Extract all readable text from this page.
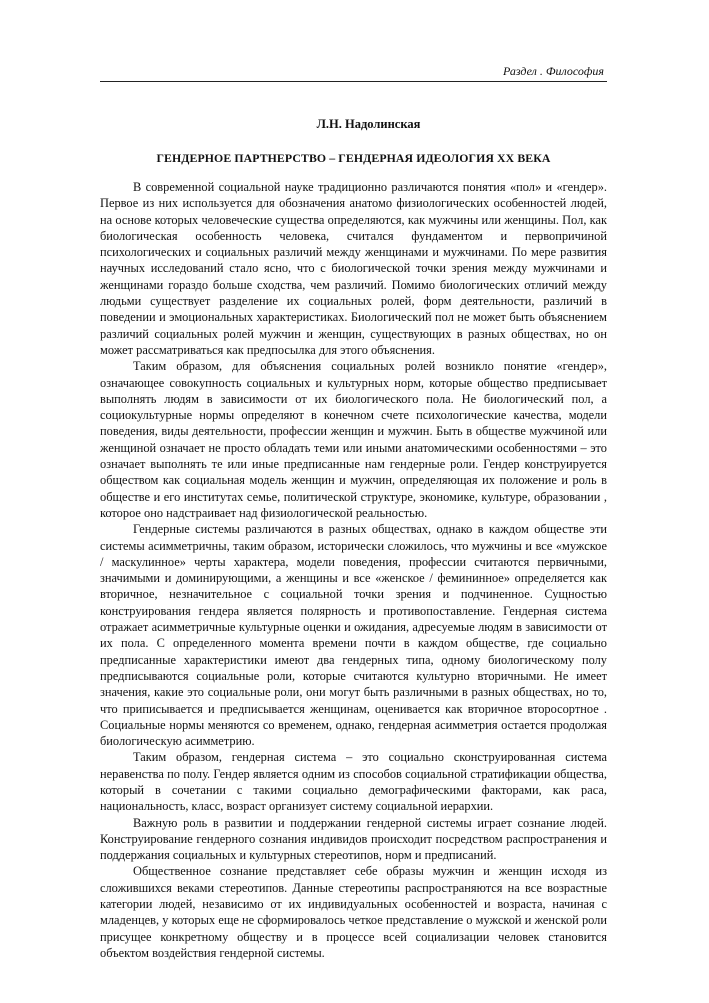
Раздел . Философия
Л.Н. Надолинская
ГЕНДЕРНОЕ ПАРТНЕРСТВО – ГЕНДЕРНАЯ ИДЕОЛОГИЯ XX ВЕКА

В современной социальной науке традиционно различаются понятия «пол» и «гендер». Первое из них используется для обозначения анатомо физиологических особенностей людей, на основе которых человеческие существа определяются, как мужчины или женщины. Пол, как биологическая особенность человека, считался фундаментом и первопричиной психологических и социальных различий между женщинами и мужчинами. По мере развития научных исследований стало ясно, что с биологической точки зрения между мужчинами и женщинами гораздо больше сходства, чем различий. Помимо биологических отличий между людьми существует разделение их социальных ролей, форм деятельности, различий в поведении и эмоциональных характеристиках. Биологический пол не может быть объяснением различий социальных ролей мужчин и женщин, существующих в разных обществах, но он может рассматриваться как предпосылка для этого объяснения.

Таким образом, для объяснения социальных ролей возникло понятие «гендер», означающее совокупность социальных и культурных норм, которые общество предписывает выполнять людям в зависимости от их биологического пола. Не биологический пол, а социокультурные нормы определяют в конечном счете психологические качества, модели поведения, виды деятельности, профессии женщин и мужчин. Быть в обществе мужчиной или женщиной означает не просто обладать теми или иными анатомическими особенностями – это означает выполнять те или иные предписанные нам гендерные роли. Гендер конструируется обществом как социальная модель женщин и мужчин, определяющая их положение и роль в обществе и его институтах семье, политической структуре, экономике, культуре, образовании , которое оно надстраивает над физиологической реальностью.

Гендерные системы различаются в разных обществах, однако в каждом обществе эти системы асимметричны, таким образом, исторически сложилось, что мужчины и все «мужское / маскулинное» черты характера, модели поведения, профессии считаются первичными, значимыми и доминирующими, а женщины и все «женское / фемининное» определяется как вторичное, незначительное с социальной точки зрения и подчиненное. Сущностью конструирования гендера является полярность и противопоставление. Гендерная система отражает асимметричные культурные оценки и ожидания, адресуемые людям в зависимости от их пола. С определенного момента времени почти в каждом обществе, где социально предписанные характеристики имеют два гендерных типа, одному биологическому полу предписываются социальные роли, которые считаются культурно вторичными. Не имеет значения, какие это социальные роли, они могут быть различными в разных обществах, но то, что приписывается и предписывается женщинам, оценивается как вторичное второсортное . Социальные нормы меняются со временем, однако, гендерная асимметрия остается продолжая биологическую асимметрию.

Таким образом, гендерная система – это социально сконструированная система неравенства по полу. Гендер является одним из способов социальной стратификации общества, который в сочетании с такими социально демографическими факторами, как раса, национальность, класс, возраст организует систему социальной иерархии.

Важную роль в развитии и поддержании гендерной системы играет сознание людей. Конструирование гендерного сознания индивидов происходит посредством распространения и поддержания социальных и культурных стереотипов, норм и предписаний.

Общественное сознание представляет себе образы мужчин и женщин исходя из сложившихся веками стереотипов. Данные стереотипы распространяются на все возрастные категории людей, независимо от их индивидуальных особенностей и возраста, начиная с младенцев, у которых еще не сформировалось четкое представление о мужской и женской роли присущее конкретному обществу и в процессе всей социализации человек становится объектом воздействия гендерной системы.
